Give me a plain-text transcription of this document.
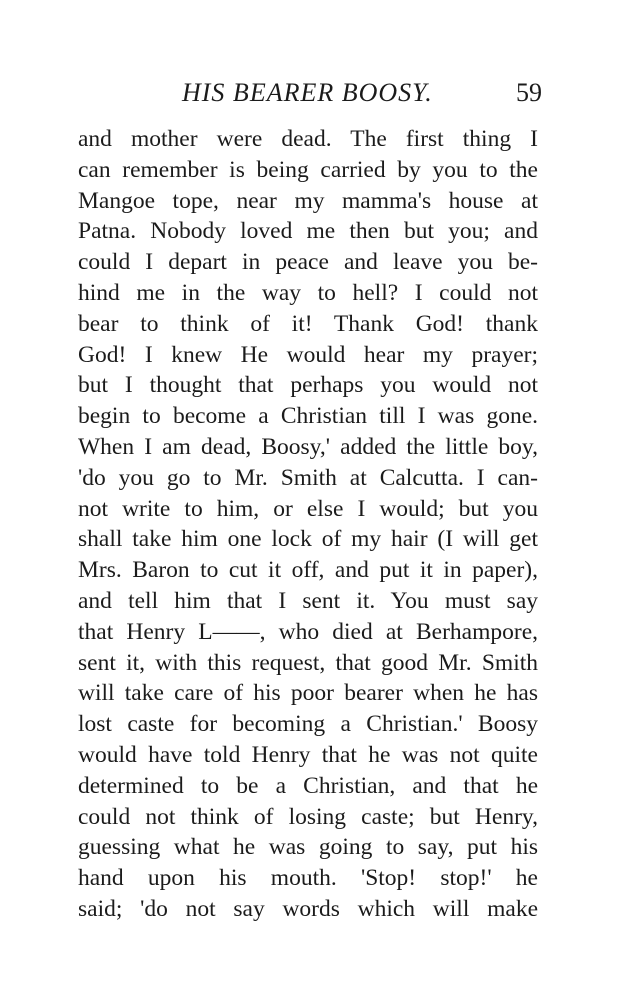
HIS BEARER BOOSY.	59
and mother were dead. The first thing I
can remember is being carried by you to the
Mangoe tope, near my mamma's house at
Patna. Nobody loved me then but you; and
could I depart in peace and leave you be-
hind me in the way to hell? I could not
bear to think of it! Thank God! thank
God! I knew He would hear my prayer;
but I thought that perhaps you would not
begin to become a Christian till I was gone.
When I am dead, Boosy,' added the little boy,
'do you go to Mr. Smith at Calcutta. I can-
not write to him, or else I would; but you
shall take him one lock of my hair (I will get
Mrs. Baron to cut it off, and put it in paper),
and tell him that I sent it. You must say
that Henry L——, who died at Berhampore,
sent it, with this request, that good Mr. Smith
will take care of his poor bearer when he has
lost caste for becoming a Christian.' Boosy
would have told Henry that he was not quite
determined to be a Christian, and that he
could not think of losing caste; but Henry,
guessing what he was going to say, put his
hand upon his mouth. 'Stop! stop!' he
said; 'do not say words which will make
